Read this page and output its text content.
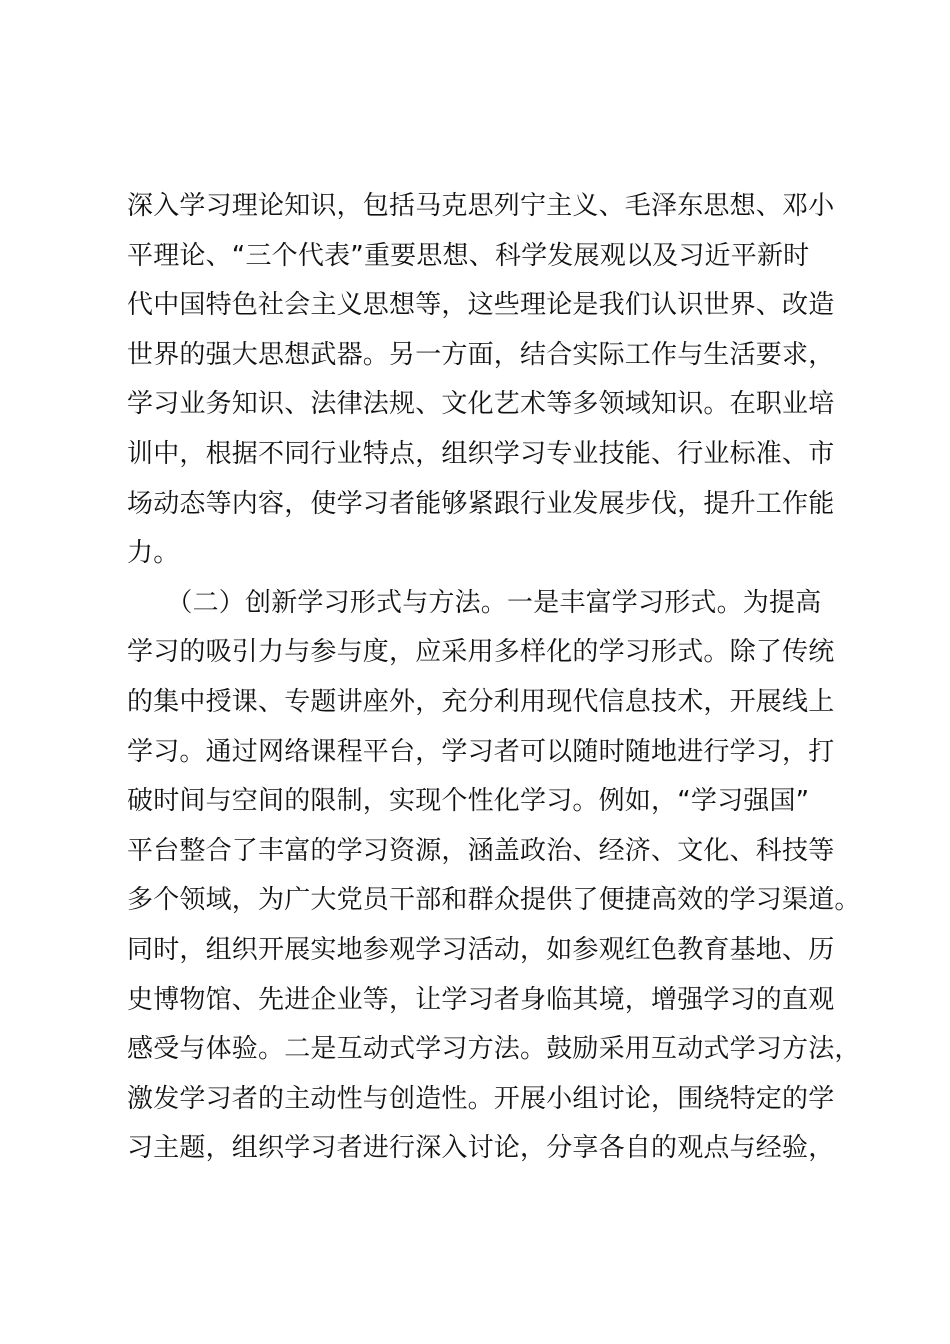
深入学习理论知识，包括马克思列宁主义、毛泽东思想、邓小
平理论、“三个代表”重要思想、科学发展观以及习近平新时
代中国特色社会主义思想等，这些理论是我们认识世界、改造
世界的强大思想武器。另一方面，结合实际工作与生活要求，
学习业务知识、法律法规、文化艺术等多领域知识。在职业培
训中，根据不同行业特点，组织学习专业技能、行业标准、市
场动态等内容，使学习者能够紧跟行业发展步伐，提升工作能
力。
　　（二）创新学习形式与方法。一是丰富学习形式。为提高
学习的吸引力与参与度，应采用多样化的学习形式。除了传统
的集中授课、专题讲座外，充分利用现代信息技术，开展线上
学习。通过网络课程平台，学习者可以随时随地进行学习，打
破时间与空间的限制，实现个性化学习。例如，“学习强国”
平台整合了丰富的学习资源，涵盖政治、经济、文化、科技等
多个领域，为广大党员干部和群众提供了便捷高效的学习渠道。
同时，组织开展实地参观学习活动，如参观红色教育基地、历
史博物馆、先进企业等，让学习者身临其境，增强学习的直观
感受与体验。二是互动式学习方法。鼓励采用互动式学习方法，
激发学习者的主动性与创造性。开展小组讨论，围绕特定的学
习主题，组织学习者进行深入讨论，分享各自的观点与经验，
